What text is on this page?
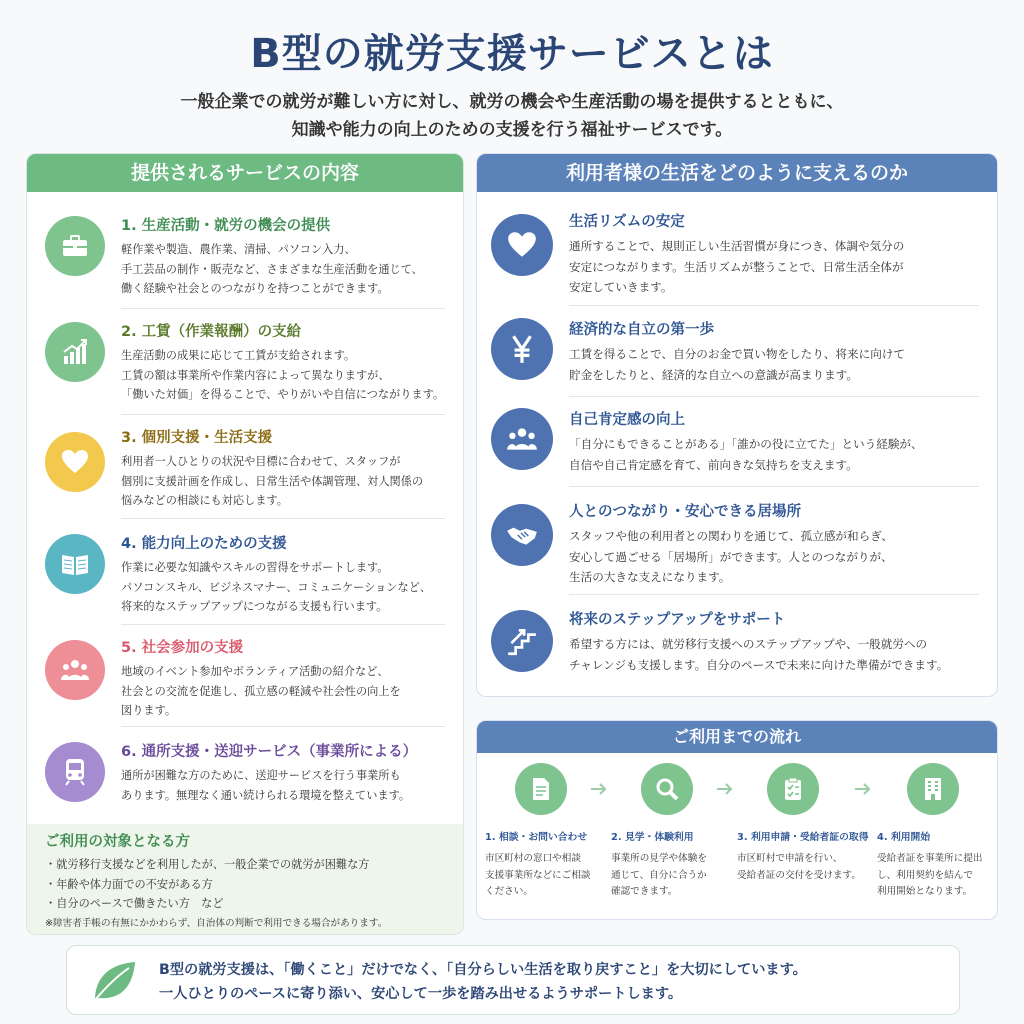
B型の就労支援サービスとは
一般企業での就労が難しい方に対し、就労の機会や生産活動の場を提供するとともに、
知識や能力の向上のための支援を行う福祉サービスです。
提供されるサービスの内容
1. 生産活動・就労の機会の提供
軽作業や製造、農作業、清掃、パソコン入力、
手工芸品の制作・販売など、さまざまな生産活動を通じて、
働く経験や社会とのつながりを持つことができます。
2. 工賃（作業報酬）の支給
生産活動の成果に応じて工賃が支給されます。
工賃の額は事業所や作業内容によって異なりますが、
「働いた対価」を得ることで、やりがいや自信につながります。
3. 個別支援・生活支援
利用者一人ひとりの状況や目標に合わせて、スタッフが
個別に支援計画を作成し、日常生活や体調管理、対人関係の
悩みなどの相談にも対応します。
4. 能力向上のための支援
作業に必要な知識やスキルの習得をサポートします。
パソコンスキル、ビジネスマナー、コミュニケーションなど、
将来的なステップアップにつながる支援も行います。
5. 社会参加の支援
地域のイベント参加やボランティア活動の紹介など、
社会との交流を促進し、孤立感の軽減や社会性の向上を
図ります。
6. 通所支援・送迎サービス（事業所による）
通所が困難な方のために、送迎サービスを行う事業所も
あります。無理なく通い続けられる環境を整えています。
ご利用の対象となる方
・就労移行支援などを利用したが、一般企業での就労が困難な方
・年齢や体力面での不安がある方
・自分のペースで働きたい方　など
※障害者手帳の有無にかかわらず、自治体の判断で利用できる場合があります。
利用者様の生活をどのように支えるのか
生活リズムの安定
通所することで、規則正しい生活習慣が身につき、体調や気分の
安定につながります。生活リズムが整うことで、日常生活全体が
安定していきます。
経済的な自立の第一歩
工賃を得ることで、自分のお金で買い物をしたり、将来に向けて
貯金をしたりと、経済的な自立への意識が高まります。
自己肯定感の向上
「自分にもできることがある」「誰かの役に立てた」という経験が、
自信や自己肯定感を育て、前向きな気持ちを支えます。
人とのつながり・安心できる居場所
スタッフや他の利用者との関わりを通じて、孤立感が和らぎ、
安心して過ごせる「居場所」ができます。人とのつながりが、
生活の大きな支えになります。
将来のステップアップをサポート
希望する方には、就労移行支援へのステップアップや、一般就労への
チャレンジも支援します。自分のペースで未来に向けた準備ができます。
ご利用までの流れ
1. 相談・お問い合わせ
市区町村の窓口や相談
支援事業所などにご相談
ください。
2. 見学・体験利用
事業所の見学や体験を
通じて、自分に合うか
確認できます。
3. 利用申請・受給者証の取得
市区町村で申請を行い、
受給者証の交付を受けます。
4. 利用開始
受給者証を事業所に提出
し、利用契約を結んで
利用開始となります。
B型の就労支援は、「働くこと」だけでなく、「自分らしい生活を取り戻すこと」を大切にしています。
一人ひとりのペースに寄り添い、安心して一歩を踏み出せるようサポートします。
